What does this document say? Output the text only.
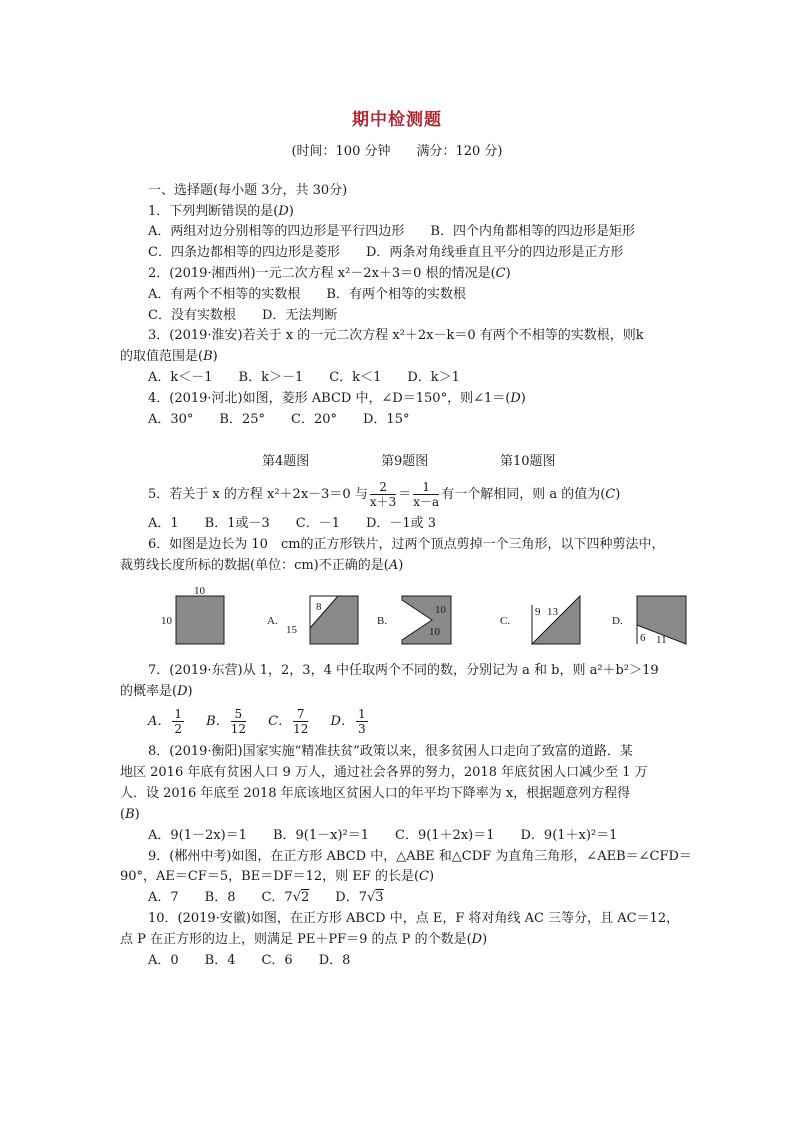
期中检测题
(时间：100 分钟　　满分：120 分)
一、选择题(每小题 3分，共 30分)
1．下列判断错误的是(D)
A．两组对边分别相等的四边形是平行四边形 B．四个内角都相等的四边形是矩形
C．四条边都相等的四边形是菱形 D．两条对角线垂直且平分的四边形是正方形
2．(2019·湘西州)一元二次方程 x²－2x＋3＝0 根的情况是(C)
A．有两个不相等的实数根 B．有两个相等的实数根
C．没有实数根 D．无法判断
3．(2019·淮安)若关于 x 的一元二次方程 x²＋2x－k＝0 有两个不相等的实数根，则k
的取值范围是(B)
A．k＜－1　　B．k＞－1　　C．k＜1　　D．k＞1
4．(2019·河北)如图，菱形 ABCD 中，∠D＝150°，则∠1＝(D)
A．30°　　B．25°　　C．20°　　D．15°
第4题图	第9题图	第10题图
5．若关于 x 的方程 x²＋2x－3＝0 与 $\frac{2}{x+3} = \frac{1}{x-a}$ 有一个解相同，则 a 的值为(C)
A．1　　B．1或－3　　C．－1　　D．－1或 3
6．如图是边长为 10　cm的正方形铁片，过两个顶点剪掉一个三角形，以下四种剪法中，
裁剪线长度所标的数据(单位：cm)不正确的是(A)
10
10	A.
8
15
B.
10
10
C.
9 13
D.
6 11
7．(2019·东营)从 1，2，3，4 中任取两个不同的数，分别记为 a 和 b，则 a²＋b²＞19
的概率是(D)
A． $\frac{1}{2}$ B． $\frac{5}{12}$ C． $\frac{7}{12}$ D． $\frac{1}{3}$
8．(2019·衡阳)国家实施“精准扶贫”政策以来，很多贫困人口走向了致富的道路．某
地区 2016 年底有贫困人口 9 万人，通过社会各界的努力，2018 年底贫困人口减少至 1 万
人．设 2016 年底至 2018 年底该地区贫困人口的年平均下降率为 x，根据题意列方程得
(B)
A．9(1－2x)＝1　　B．9(1－x)²＝1　　C．9(1＋2x)＝1　　D．9(1＋x)²＝1
9．(郴州中考)如图，在正方形 ABCD 中，△ABE 和△CDF 为直角三角形，∠AEB＝∠CFD＝
90°，AE＝CF＝5，BE＝DF＝12，则 EF 的长是(C)
A．7　　B．8　　C．7√2　　D．7√3
10．(2019·安徽)如图，在正方形 ABCD 中，点 E，F 将对角线 AC 三等分，且 AC＝12，
点 P 在正方形的边上，则满足 PE＋PF＝9 的点 P 的个数是(D)
A．0　　B．4　　C．6　　D．8
